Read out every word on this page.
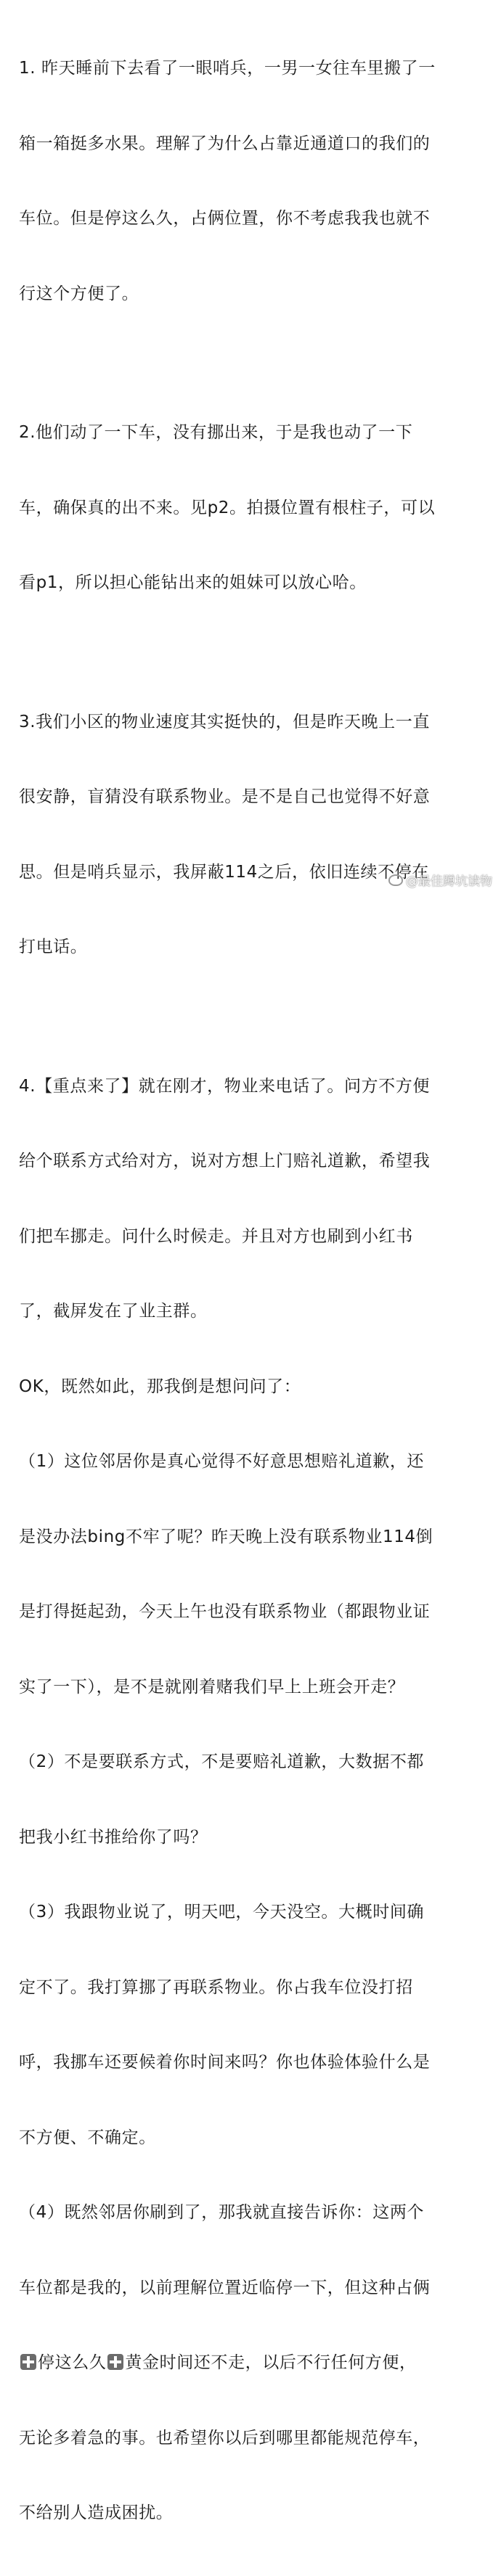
1. 昨天睡前下去看了一眼哨兵，一男一女往车里搬了一

箱一箱挺多水果。理解了为什么占靠近通道口的我们的

车位。但是停这么久，占俩位置，你不考虑我我也就不

行这个方便了。

2.他们动了一下车，没有挪出来，于是我也动了一下

车，确保真的出不来。见p2。拍摄位置有根柱子，可以

看p1，所以担心能钻出来的姐妹可以放心哈。

3.我们小区的物业速度其实挺快的，但是昨天晚上一直

很安静，盲猜没有联系物业。是不是自己也觉得不好意

思。但是哨兵显示，我屏蔽114之后，依旧连续不停在

打电话。

4.【重点来了】就在刚才，物业来电话了。问方不方便

给个联系方式给对方，说对方想上门赔礼道歉，希望我

们把车挪走。问什么时候走。并且对方也刷到小红书

了，截屏发在了业主群。

OK，既然如此，那我倒是想问问了：

（1）这位邻居你是真心觉得不好意思想赔礼道歉，还

是没办法bing不牢了呢？昨天晚上没有联系物业114倒

是打得挺起劲，今天上午也没有联系物业（都跟物业证

实了一下），是不是就刚着赌我们早上上班会开走？

（2）不是要联系方式，不是要赔礼道歉，大数据不都

把我小红书推给你了吗？

（3）我跟物业说了，明天吧，今天没空。大概时间确

定不了。我打算挪了再联系物业。你占我车位没打招

呼，我挪车还要候着你时间来吗？你也体验体验什么是

不方便、不确定。

（4）既然邻居你刷到了，那我就直接告诉你：这两个

车位都是我的，以前理解位置近临停一下，但这种占俩

停这么久 黄金时间还不走，以后不行任何方便，

无论多着急的事。也希望你以后到哪里都能规范停车，

不给别人造成困扰。

@最佳蹲坑读物
